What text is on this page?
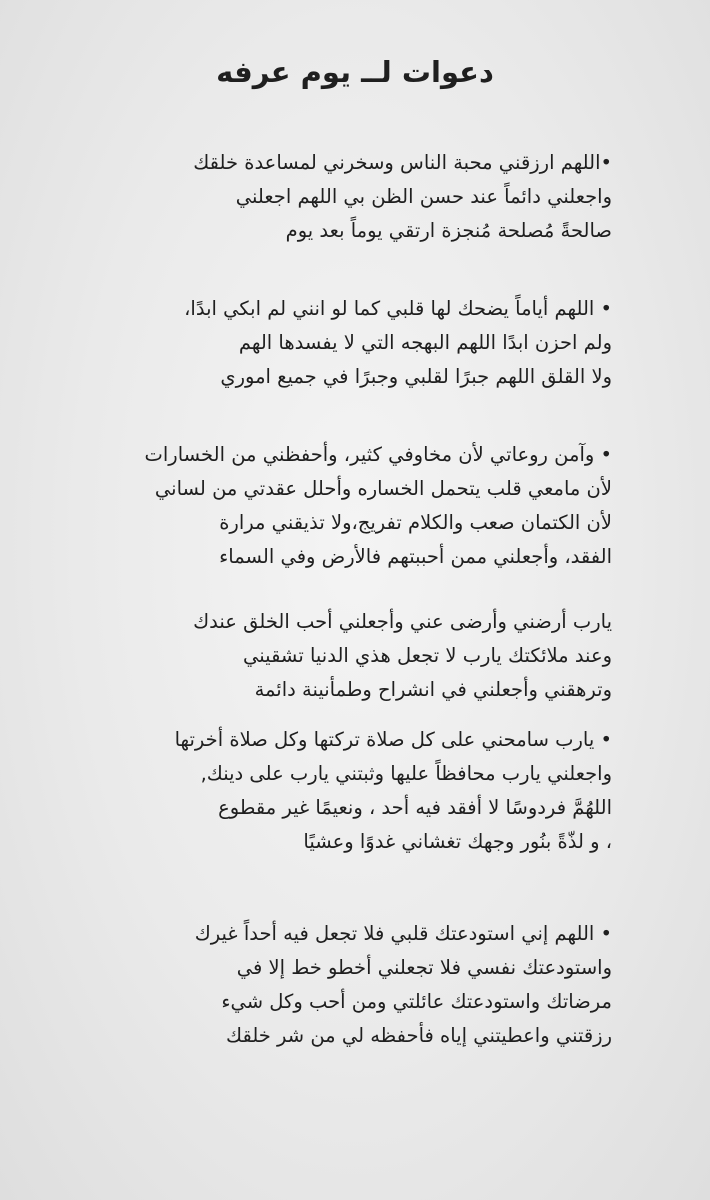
دعوات لــ يوم عرفه
•اللهم ارزقني محبة الناس وسخرني لمساعدة خلقك
واجعلني دائماً عند حسن الظن بي اللهم اجعلني
صالحةً مُصلحة مُنجزة ارتقي يوماً بعد يوم
• اللهم أياماً يضحك لها قلبي كما لو انني لم ابكي ابدًا،
ولم احزن ابدًا اللهم البهجه التي لا يفسدها الهم
ولا القلق اللهم جبرًا لقلبي وجبرًا في جميع اموري
• وآمن روعاتي لأن مخاوفي كثير، وأحفظني من الخسارات
لأن مامعي قلب يتحمل الخساره وأحلل عقدتي من لساني
لأن الكتمان صعب والكلام تفريج،ولا تذيقني مرارة
الفقد، وأجعلني ممن أحببتهم فالأرض وفي السماء
يارب أرضني وأرضى عني وأجعلني أحب الخلق عندك
وعند ملائكتك يارب لا تجعل هذي الدنيا تشقيني
وترهقني وأجعلني في انشراح وطمأنينة دائمة
• يارب سامحني على كل صلاة تركتها وكل صلاة أخرتها
واجعلني يارب محافظاً عليها وثبتني يارب على دينك,
اللهُمَّ فردوسًا لا أفقد فيه أحد ، ونعيمًا غير مقطوع
، و لذّةً بنُور وجهك تغشاني غدوًا وعشيًا
• اللهم إني استودعتك قلبي فلا تجعل فيه أحداً غيرك
واستودعتك نفسي فلا تجعلني أخطو خط إلا في
مرضاتك واستودعتك عائلتي ومن أحب وكل شيء
رزقتني واعطيتني إياه فأحفظه لي من شر خلقك
